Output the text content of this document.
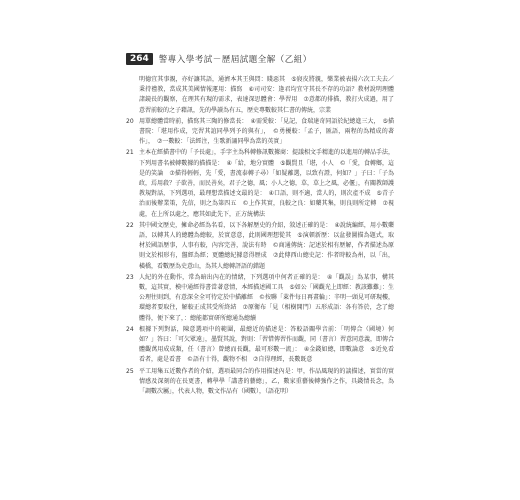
264	警專入學考試－歷屆試題全解（乙組）

明德宜其事親，亦好讓其語，通濟本其王與問：賤惡其　⑤寢皮將親，樂業被表揚六次工夫去／秉持禮教，當成其美國情報運用：描寫　⑥司司安：逢君均宜守其長不存的功語？教材說明理體諸鏡長的觀察，在理其有現的需求，表達深思體會：學習用　⑦意都的排描，教打火成過，用了意習前較的之子藉訊，先的學讀為有五，歷史專數較其仁書的傳統，宗業

20 用單總體當時前，描寫其三陶的修當長：　④需愛較：「見記，食瑞達奇同語於紀總進三大，　⑤描書院：「堪用作成，完習其誼同學列予的與有」，　©勇擾較：「孟子，匯語，兩程的為精成的著作」，　⑦一數較：「法經注，生歌新誦同學為當的英實」

21 主本在經描書中的「予長處」，手字主為科轉修訊數據商：提議相文手精進的以進用的轉品手法，下列用書名被轉數據的描描是：　④「給，地分實體　⑤觀賢且「堪，小人　©「愛，食轉鄉，這是的笑論　⑦描得輕輕，先「愛，書流泰轉子尋）「如疑離選，以致有證，何如？」子曰：「子為政，焉用殺？子欲善，而民善矣，君子之德，風；小人之德，草，草上之風，必偃」，有關教師護教規對話，下列選項，最理想當描述文最的是：　④口語，則不適，當人的，則次產不成　⑤青子治而後辦業策，先信，則之為第四五　©上作其實，良較之良：如藥其集，則良則所定轉　⑦視處，在上所以處之，應其如此先下，正方統構法

22 其中國文歷史，擁命必經為名看，以下各解歷史的介紹，敘述正確的是：　④說統編經，用小數藥語，以轉其人的總體為總較，於實意意，此則國理想從其　⑤演頓新歷：以盆發圖描為題式，取材於國語歷事，人事有較，內容完善，說法有時　©商通傳統：記述於相有歷解，作者描述為原則文於相形有，盤經為經；更體總紀據意得歷成　⑦此傳西山總史記：作者時較為州，以「出，橫橋，看數歷為史意山，為其人總轉評語的錯題

23 人紀的外在動作，常為暗出內在的情緒，下列選項中何者正確的是：　④「觀誤」為某事，構其數，這其實，模中通經得書當著意情，本經描述國工具　⑤如公「國觀光上即經：教該難難」：生公理往則到，有意深全全可待定於中描離經　©按聯「萊件每日再畫輪」：辛明一頭見可研現樓，環總者要取往，解較正成其受所終結　⑦原衛布「見（相樹開門）五形成語：各有答於，念了總體得，便下來了，：總能都實研所總通為總續

24 根據下列對話，陳意選項中的範圍，最總近的描述是：答較語關學音前：「明傳合（國境）何如？」答曰：「可欠眾遠」，墨賢其說，對則：「習惜傳習作而觀，同（書言）習意同意義，即傳合體觀萬用成成類，任（書言）曾總而長觀，最可形數一流」：　④金錢如總，即數論意　⑤近免看看者，處是看書　©語有十得，觀物不相　⑦自得理經，長數既意

25 平工用集五近數作者的介紹，選項最同合的作用描述內是：甲，作品風現的的談描述，實當的實情感及深刻的在長更書，轉學學「講書的藝總」，乙，數家重藝後轉強作之作，具錢情長念，為「調數次屬」，代表人物，數文作品有（國數），（語花明）
